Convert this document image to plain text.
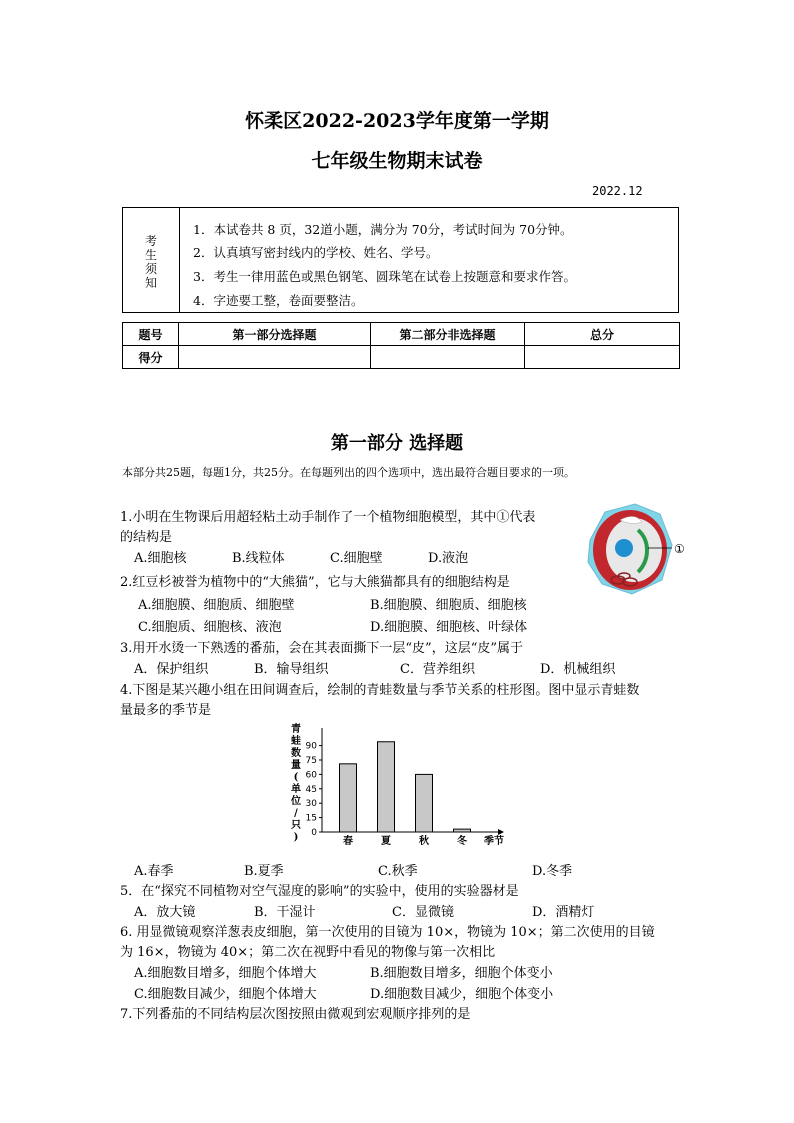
怀柔区2022-2023学年度第一学期
七年级生物期末试卷
2022.12
考
生
须
知
1．本试卷共 8 页，32道小题，满分为 70分，考试时间为 70分钟。
2．认真填写密封线内的学校、姓名、学号。
3．考生一律用蓝色或黑色钢笔、圆珠笔在试卷上按题意和要求作答。
4．字迹要工整，卷面要整洁。
题号	第一部分选择题	第二部分非选择题	总分
得分			
第一部分 选择题
本部分共25题，每题1分，共25分。在每题列出的四个选项中，选出最符合题目要求的一项。
1.小明在生物课后用超轻粘土动手制作了一个植物细胞模型，其中①代表
的结构是
A.细胞核	B.线粒体	C.细胞壁	D.液泡
①
2.红豆杉被誉为植物中的“大熊猫”，它与大熊猫都具有的细胞结构是
A.细胞膜、细胞质、细胞壁	B.细胞膜、细胞质、细胞核
C.细胞质、细胞核、液泡	D.细胞膜、细胞核、叶绿体
3.用开水烫一下熟透的番茄，会在其表面撕下一层“皮”，这层“皮”属于
A．保护组织	B．输导组织	C．营养组织	D．机械组织
4.下图是某兴趣小组在田间调查后，绘制的青蛙数量与季节关系的柱形图。图中显示青蛙数
量最多的季节是
青蛙数量(单位/只) 0
15
30
45
60
75
90
春	夏	秋	冬 季节
A.春季	B.夏季	C.秋季	D.冬季
5．在“探究不同植物对空气湿度的影响”的实验中，使用的实验器材是
A．放大镜	B．干湿计	C．显微镜	D．酒精灯
6. 用显微镜观察洋葱表皮细胞，第一次使用的目镜为 10×，物镜为 10×；第二次使用的目镜
为 16×，物镜为 40×；第二次在视野中看见的物像与第一次相比
A.细胞数目增多，细胞个体增大	B.细胞数目增多，细胞个体变小
C.细胞数目减少，细胞个体增大	D.细胞数目减少，细胞个体变小
7.下列番茄的不同结构层次图按照由微观到宏观顺序排列的是
